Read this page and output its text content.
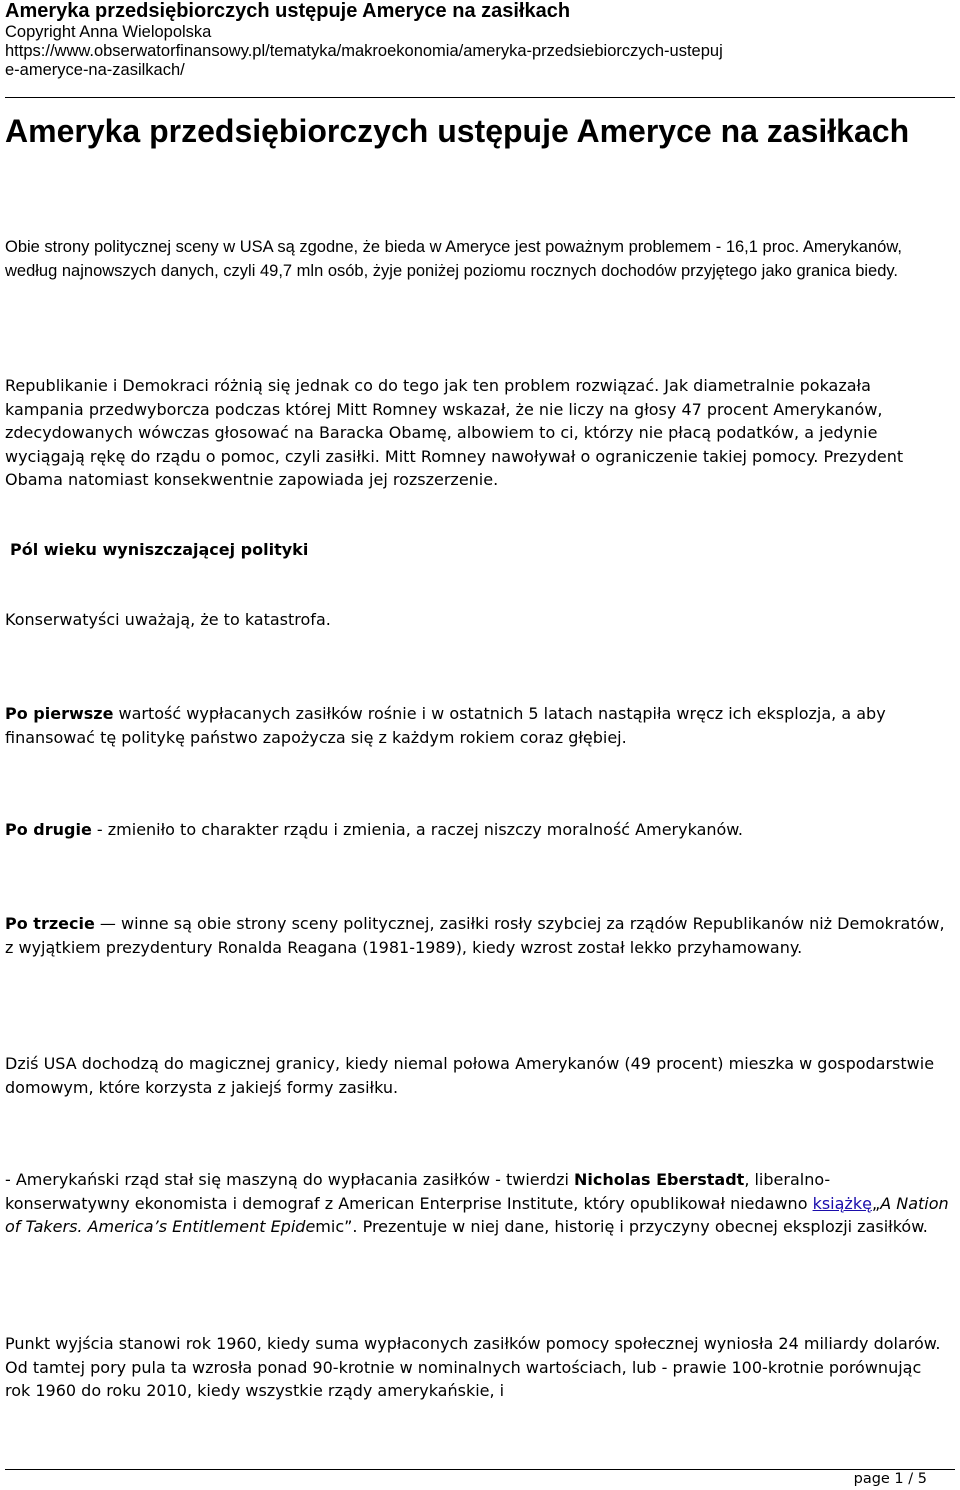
Ameryka przedsiębiorczych ustępuje Ameryce na zasiłkach

Copyright Anna Wielopolska

https://www.obserwatorfinansowy.pl/tematyka/makroekonomia/ameryka-przedsiebiorczych-ustepuj

e-ameryce-na-zasilkach/

Ameryka przedsiębiorczych ustępuje Ameryce na zasiłkach

Obie strony politycznej sceny w USA są zgodne, że bieda w Ameryce jest poważnym problemem - 16,1 proc. Amerykanów, według najnowszych danych, czyli 49,7 mln osób, żyje poniżej poziomu rocznych dochodów przyjętego jako granica biedy.

Republikanie i Demokraci różnią się jednak co do tego jak ten problem rozwiązać. Jak diametralnie pokazała kampania przedwyborcza podczas której Mitt Romney wskazał, że nie liczy na głosy 47 procent Amerykanów, zdecydowanych wówczas głosować na Baracka Obamę, albowiem to ci, którzy nie płacą podatków, a jedynie wyciągają rękę do rządu o pomoc, czyli zasiłki. Mitt Romney nawoływał o ograniczenie takiej pomocy. Prezydent Obama natomiast konsekwentnie zapowiada jej rozszerzenie.

Pól wieku wyniszczającej polityki

Konserwatyści uważają, że to katastrofa.

Po pierwsze wartość wypłacanych zasiłków rośnie i w ostatnich 5 latach nastąpiła wręcz ich eksplozja, a aby finansować tę politykę państwo zapożycza się z każdym rokiem coraz głębiej.

Po drugie - zmieniło to charakter rządu i zmienia, a raczej niszczy moralność Amerykanów.

Po trzecie — winne są obie strony sceny politycznej, zasiłki rosły szybciej za rządów Republikanów niż Demokratów, z wyjątkiem prezydentury Ronalda Reagana (1981-1989), kiedy wzrost został lekko przyhamowany.

Dziś USA dochodzą do magicznej granicy, kiedy niemal połowa Amerykanów (49 procent) mieszka w gospodarstwie domowym, które korzysta z jakiejś formy zasiłku.

- Amerykański rząd stał się maszyną do wypłacania zasiłków - twierdzi Nicholas Eberstadt, liberalno-konserwatywny ekonomista i demograf z American Enterprise Institute, który opublikował niedawno książkę„A Nation of Takers. America’s Entitlement Epidemic”. Prezentuje w niej dane, historię i przyczyny obecnej eksplozji zasiłków.

Punkt wyjścia stanowi rok 1960, kiedy suma wypłaconych zasiłków pomocy społecznej wyniosła 24 miliardy dolarów. Od tamtej pory pula ta wzrosła ponad 90-krotnie w nominalnych wartościach, lub - prawie 100-krotnie porównując rok 1960 do roku 2010, kiedy wszystkie rządy amerykańskie, i

page 1 / 5
